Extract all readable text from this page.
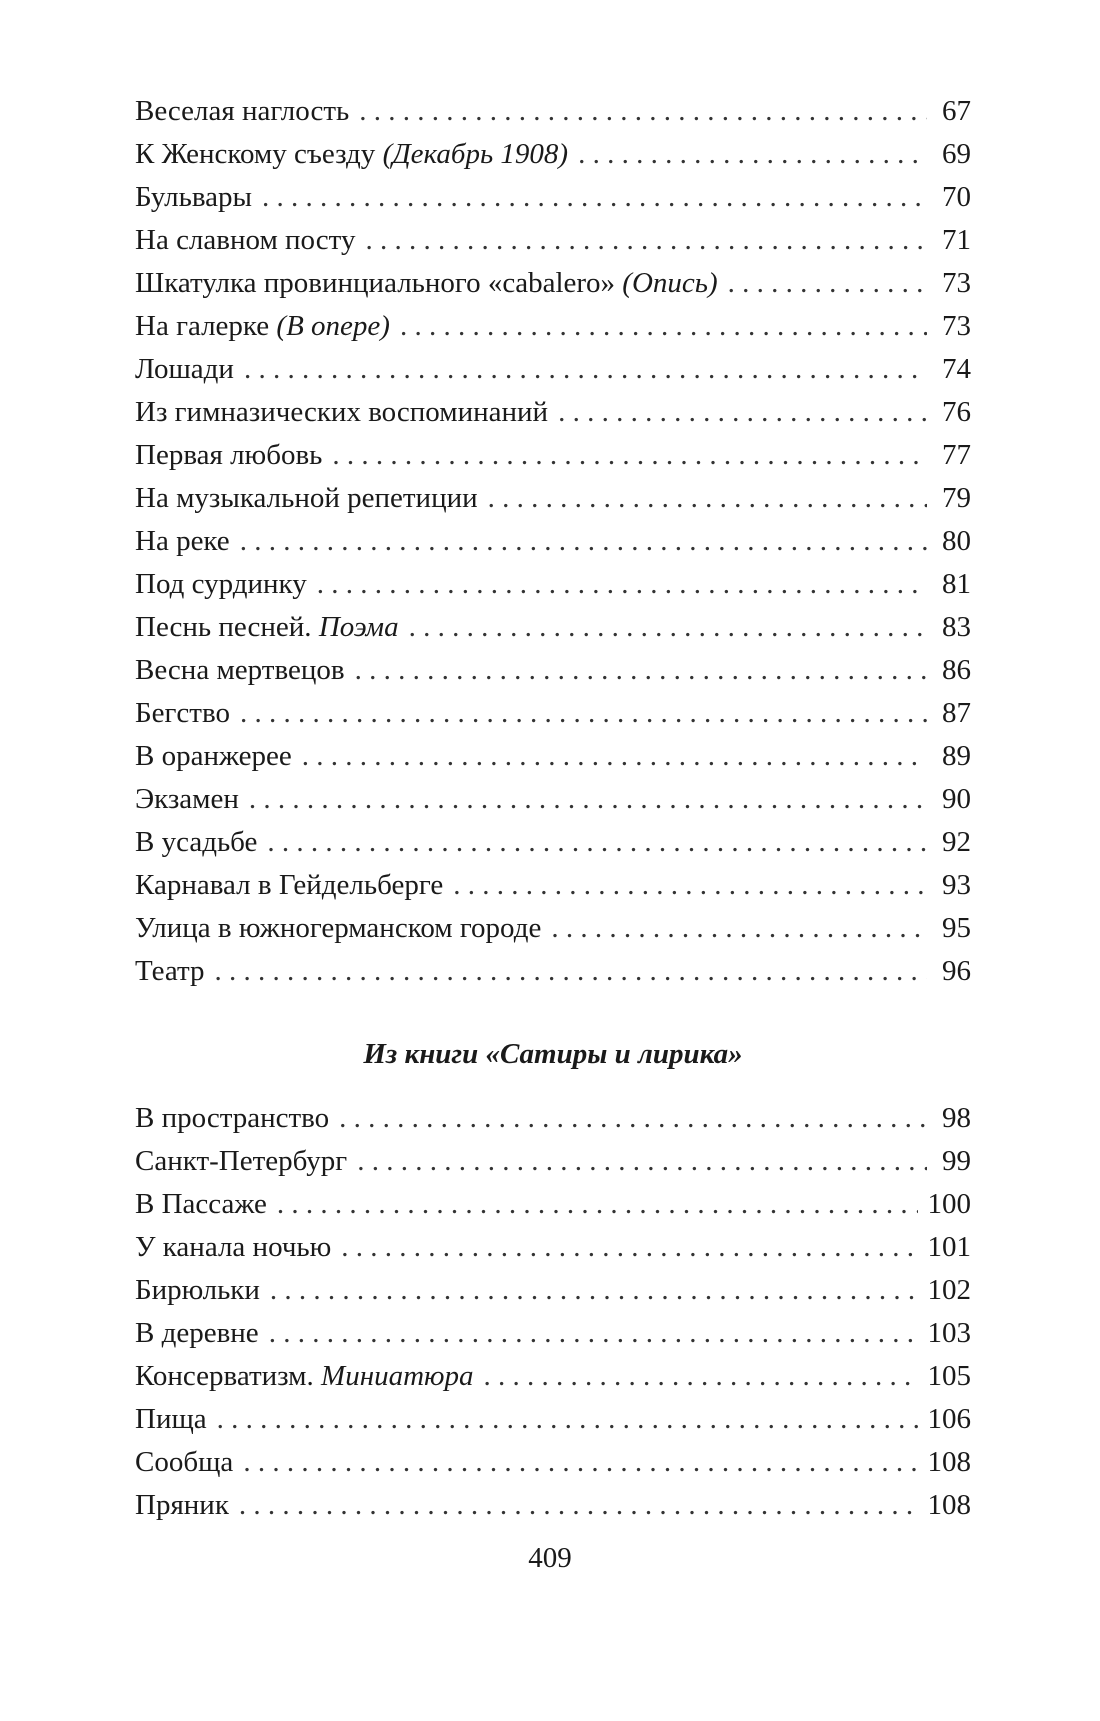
Веселая наглость . . .	67
К Женскому съезду (Декабрь 1908) . . .	69
Бульвары . . .	70
На славном посту . . .	71
Шкатулка провинциального «cabalero» (Опись) . . .	73
На галерке (В опере) . . .	73
Лошади . . .	74
Из гимназических воспоминаний . . .	76
Первая любовь . . .	77
На музыкальной репетиции . . .	79
На реке . . .	80
Под сурдинку . . .	81
Песнь песней. Поэма . . .	83
Весна мертвецов . . .	86
Бегство . . .	87
В оранжерее . . .	89
Экзамен . . .	90
В усадьбе . . .	92
Карнавал в Гейдельберге . . .	93
Улица в южногерманском городе . . .	95
Театр . . .	96
Из книги «Сатиры и лирика»
В пространство . . .	98
Санкт-Петербург . . .	99
В Пассаже . . .	100
У канала ночью . . .	101
Бирюльки . . .	102
В деревне . . .	103
Консерватизм. Миниатюра . . .	105
Пища . . .	106
Сообща . . .	108
Пряник . . .	108
409
